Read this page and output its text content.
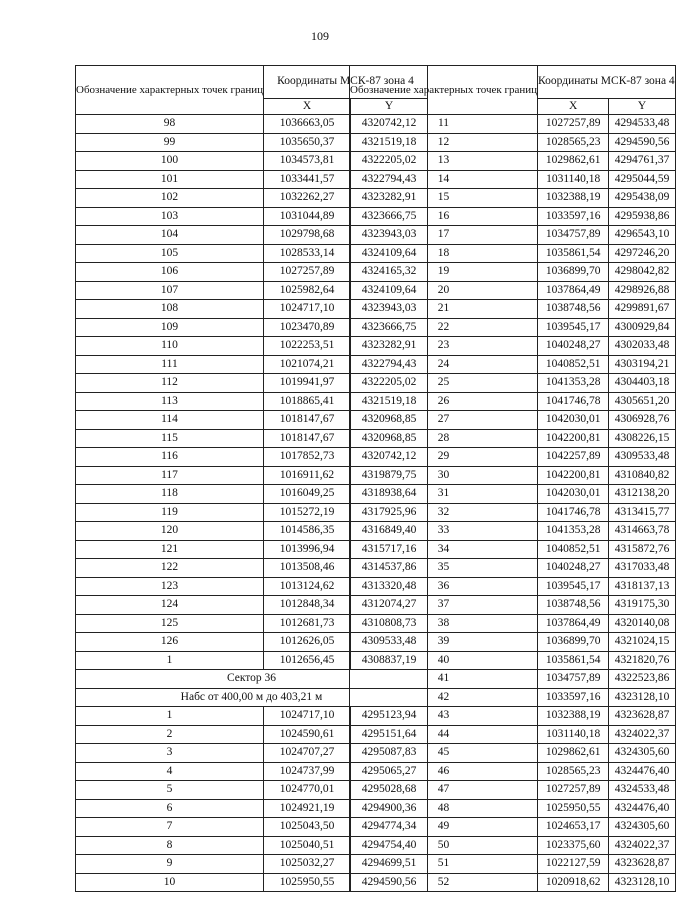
109
Обозначение характерных точек границ	Координаты МСК-87 зона 4	
	X	Y
98	1036663,05	4320742,12
99	1035650,37	4321519,18
100	1034573,81	4322205,02
101	1033441,57	4322794,43
102	1032262,27	4323282,91
103	1031044,89	4323666,75
104	1029798,68	4323943,03
105	1028533,14	4324109,64
106	1027257,89	4324165,32
107	1025982,64	4324109,64
108	1024717,10	4323943,03
109	1023470,89	4323666,75
110	1022253,51	4323282,91
111	1021074,21	4322794,43
112	1019941,97	4322205,02
113	1018865,41	4321519,18
114	1018147,67	4320968,85
115	1018147,67	4320968,85
116	1017852,73	4320742,12
117	1016911,62	4319879,75
118	1016049,25	4318938,64
119	1015272,19	4317925,96
120	1014586,35	4316849,40
121	1013996,94	4315717,16
122	1013508,46	4314537,86
123	1013124,62	4313320,48
124	1012848,34	4312074,27
125	1012681,73	4310808,73
126	1012626,05	4309533,48
1	1012656,45	4308837,19
Сектор 36		
Набс от 400,00 м до 403,21 м		
1	1024717,10	4295123,94
2	1024590,61	4295151,64
3	1024707,27	4295087,83
4	1024737,99	4295065,27
5	1024770,01	4295028,68
6	1024921,19	4294900,36
7	1025043,50	4294774,34
8	1025040,51	4294754,40
9	1025032,27	4294699,51
10	1025950,55	4294590,56
Обозначение характерных точек границ	Координаты МСК-87 зона 4	
	X	Y
11	1027257,89	4294533,48
12	1028565,23	4294590,56
13	1029862,61	4294761,37
14	1031140,18	4295044,59
15	1032388,19	4295438,09
16	1033597,16	4295938,86
17	1034757,89	4296543,10
18	1035861,54	4297246,20
19	1036899,70	4298042,82
20	1037864,49	4298926,88
21	1038748,56	4299891,67
22	1039545,17	4300929,84
23	1040248,27	4302033,48
24	1040852,51	4303194,21
25	1041353,28	4304403,18
26	1041746,78	4305651,20
27	1042030,01	4306928,76
28	1042200,81	4308226,15
29	1042257,89	4309533,48
30	1042200,81	4310840,82
31	1042030,01	4312138,20
32	1041746,78	4313415,77
33	1041353,28	4314663,78
34	1040852,51	4315872,76
35	1040248,27	4317033,48
36	1039545,17	4318137,13
37	1038748,56	4319175,30
38	1037864,49	4320140,08
39	1036899,70	4321024,15
40	1035861,54	4321820,76
41	1034757,89	4322523,86
42	1033597,16	4323128,10
43	1032388,19	4323628,87
44	1031140,18	4324022,37
45	1029862,61	4324305,60
46	1028565,23	4324476,40
47	1027257,89	4324533,48
48	1025950,55	4324476,40
49	1024653,17	4324305,60
50	1023375,60	4324022,37
51	1022127,59	4323628,87
52	1020918,62	4323128,10
